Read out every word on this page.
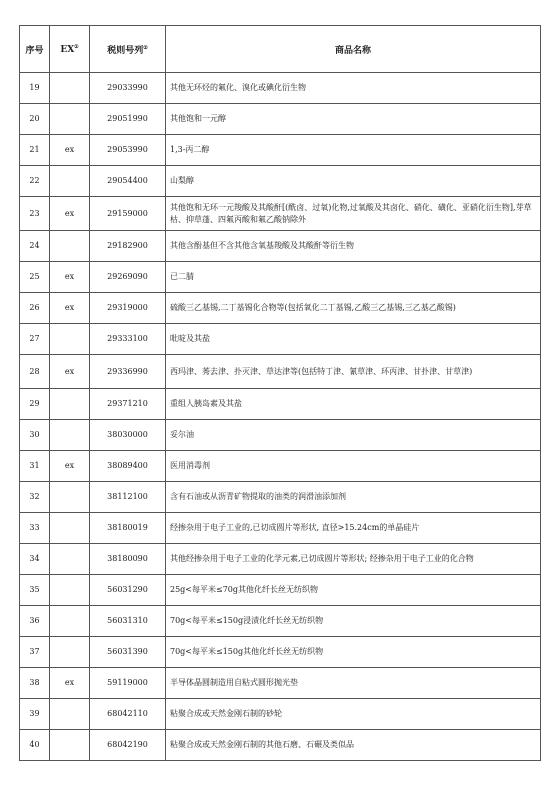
序号	EX①	税则号列②	商品名称
19		29033990	其他无环烃的氟化、溴化或碘化衍生物
20		29051990	其他饱和一元醇
21	ex	29053990	1,3-丙二醇
22		29054400	山梨醇
23	ex	29159000	其他饱和无环一元羧酸及其酸酐[(酰卤、过氧)化物,过氧酸及其卤化、硝化、磺化、亚硝化衍生物],芽草枯、抑草蓬、四氟丙酸和氟乙酸钠除外
24		29182900	其他含酚基但不含其他含氧基羧酸及其酸酐等衍生物
25	ex	29269090	已二腈
26	ex	29319000	硫酸三乙基锡,二丁基锡化合物等(包括氧化二丁基锡,乙酸三乙基锡,三乙基乙酸锡)
27		29333100	吡啶及其盐
28	ex	29336990	西玛津、莠去津、扑灭津、草达津等(包括特丁津、氰草津、环丙津、甘扑津、甘草津)
29		29371210	重组人胰岛素及其盐
30		38030000	妥尔油
31	ex	38089400	医用消毒剂
32		38112100	含有石油或从沥青矿物提取的油类的润滑油添加剂
33		38180019	经掺杂用于电子工业的,已切成圆片等形状, 直径>15.24cm的单晶硅片
34		38180090	其他经掺杂用于电子工业的化学元素,已切成圆片等形状; 经掺杂用于电子工业的化合物
35		56031290	25g<每平米≤70g其他化纤长丝无纺织物
36		56031310	70g<每平米≤150g浸渍化纤长丝无纺织物
37		56031390	70g<每平米≤150g其他化纤长丝无纺织物
38	ex	59119000	半导体晶圆制造用自粘式圆形抛光垫
39		68042110	粘聚合成或天然金刚石制的砂轮
40		68042190	粘聚合成或天然金刚石制的其他石磨、石碾及类似品
